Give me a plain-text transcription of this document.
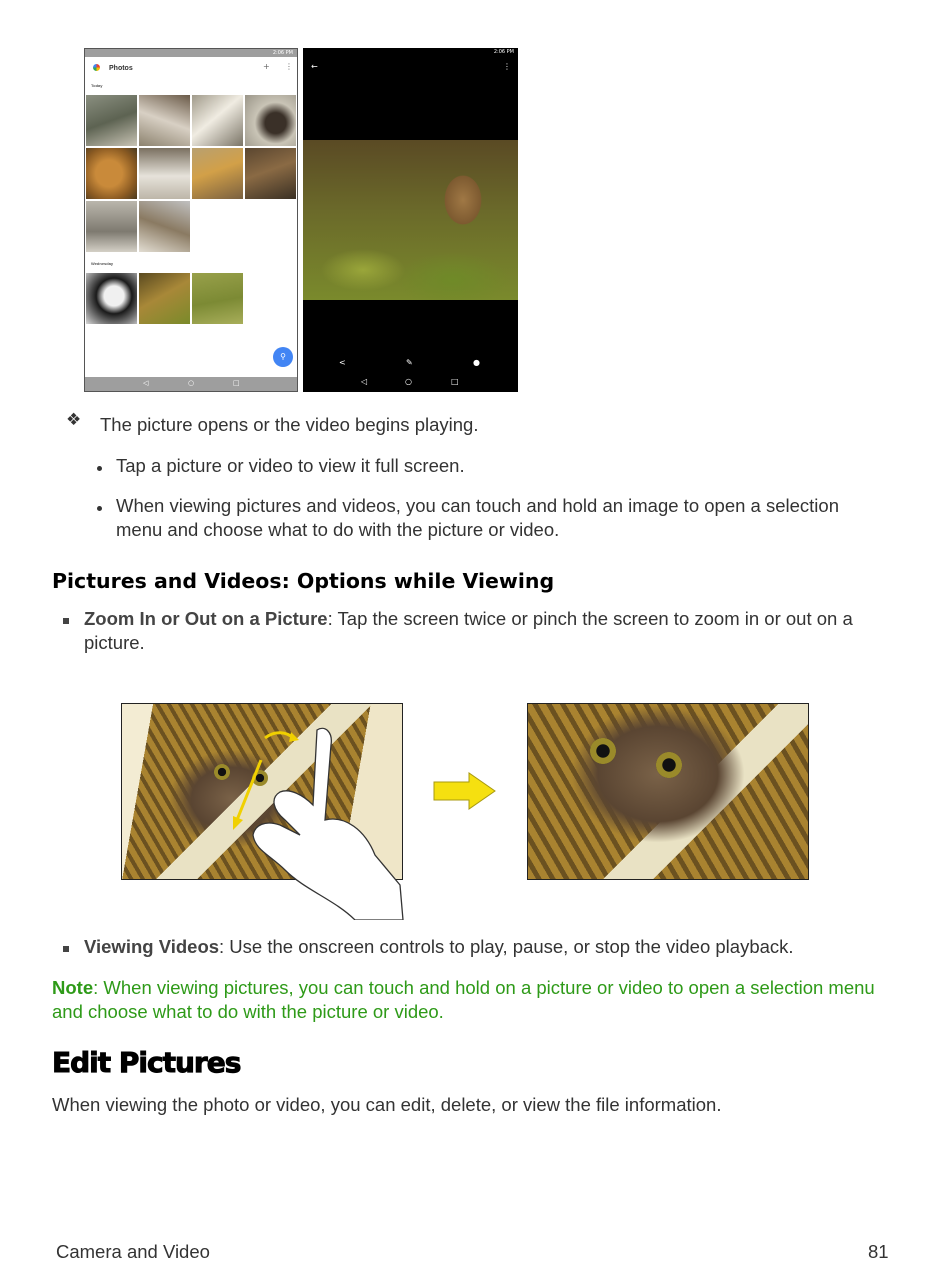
2:06 PM
Photos	+ ⋮
Today
Wednesday
⚲
◁	○	□
2:06 PM
←	⋮
<	✎	●
◁	○	□
❖ The picture opens or the video begins playing.
Tap a picture or video to view it full screen.
When viewing pictures and videos, you can touch and hold an image to open a selection
menu and choose what to do with the picture or video.
Pictures and Videos: Options while Viewing
Zoom In or Out on a Picture: Tap the screen twice or pinch the screen to zoom in or out on a
picture.
Viewing Videos: Use the onscreen controls to play, pause, or stop the video playback.
Note: When viewing pictures, you can touch and hold on a picture or video to open a selection menu
and choose what to do with the picture or video.
Edit Pictures
When viewing the photo or video, you can edit, delete, or view the file information.
Camera and Video	81
